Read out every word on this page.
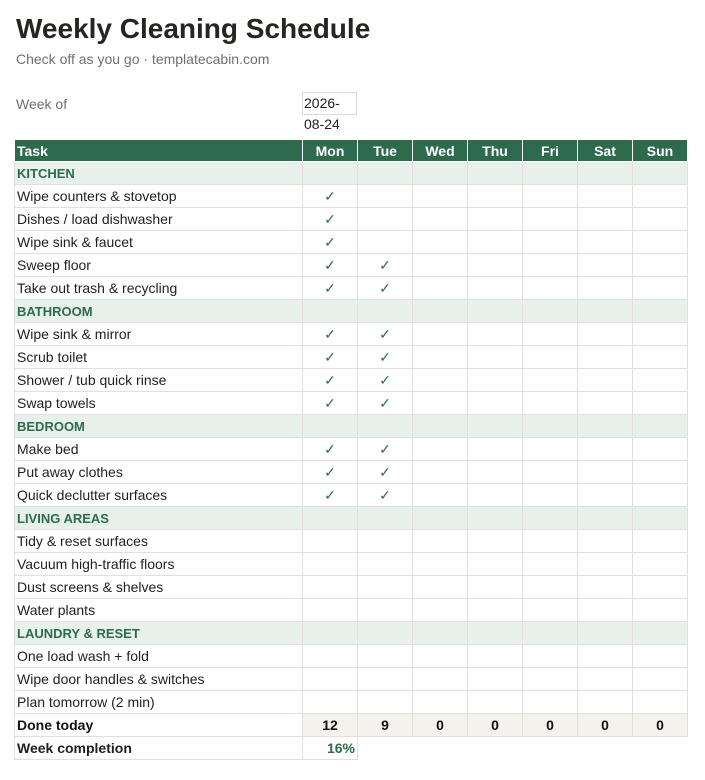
Weekly Cleaning Schedule
Check off as you go · templatecabin.com
Week of	2026-08-24
Task	Mon	Tue	Wed	Thu	Fri	Sat	Sun
KITCHEN							
Wipe counters & stovetop	✓						
Dishes / load dishwasher	✓						
Wipe sink & faucet	✓						
Sweep floor	✓	✓					
Take out trash & recycling	✓	✓					
BATHROOM							
Wipe sink & mirror	✓	✓					
Scrub toilet	✓	✓					
Shower / tub quick rinse	✓	✓					
Swap towels	✓	✓					
BEDROOM							
Make bed	✓	✓					
Put away clothes	✓	✓					
Quick declutter surfaces	✓	✓					
LIVING AREAS							
Tidy & reset surfaces							
Vacuum high-traffic floors							
Dust screens & shelves							
Water plants							
LAUNDRY & RESET							
One load wash + fold							
Wipe door handles & switches							
Plan tomorrow (2 min)							
Done today	12	9	0	0	0	0	0
Week completion	16%						
